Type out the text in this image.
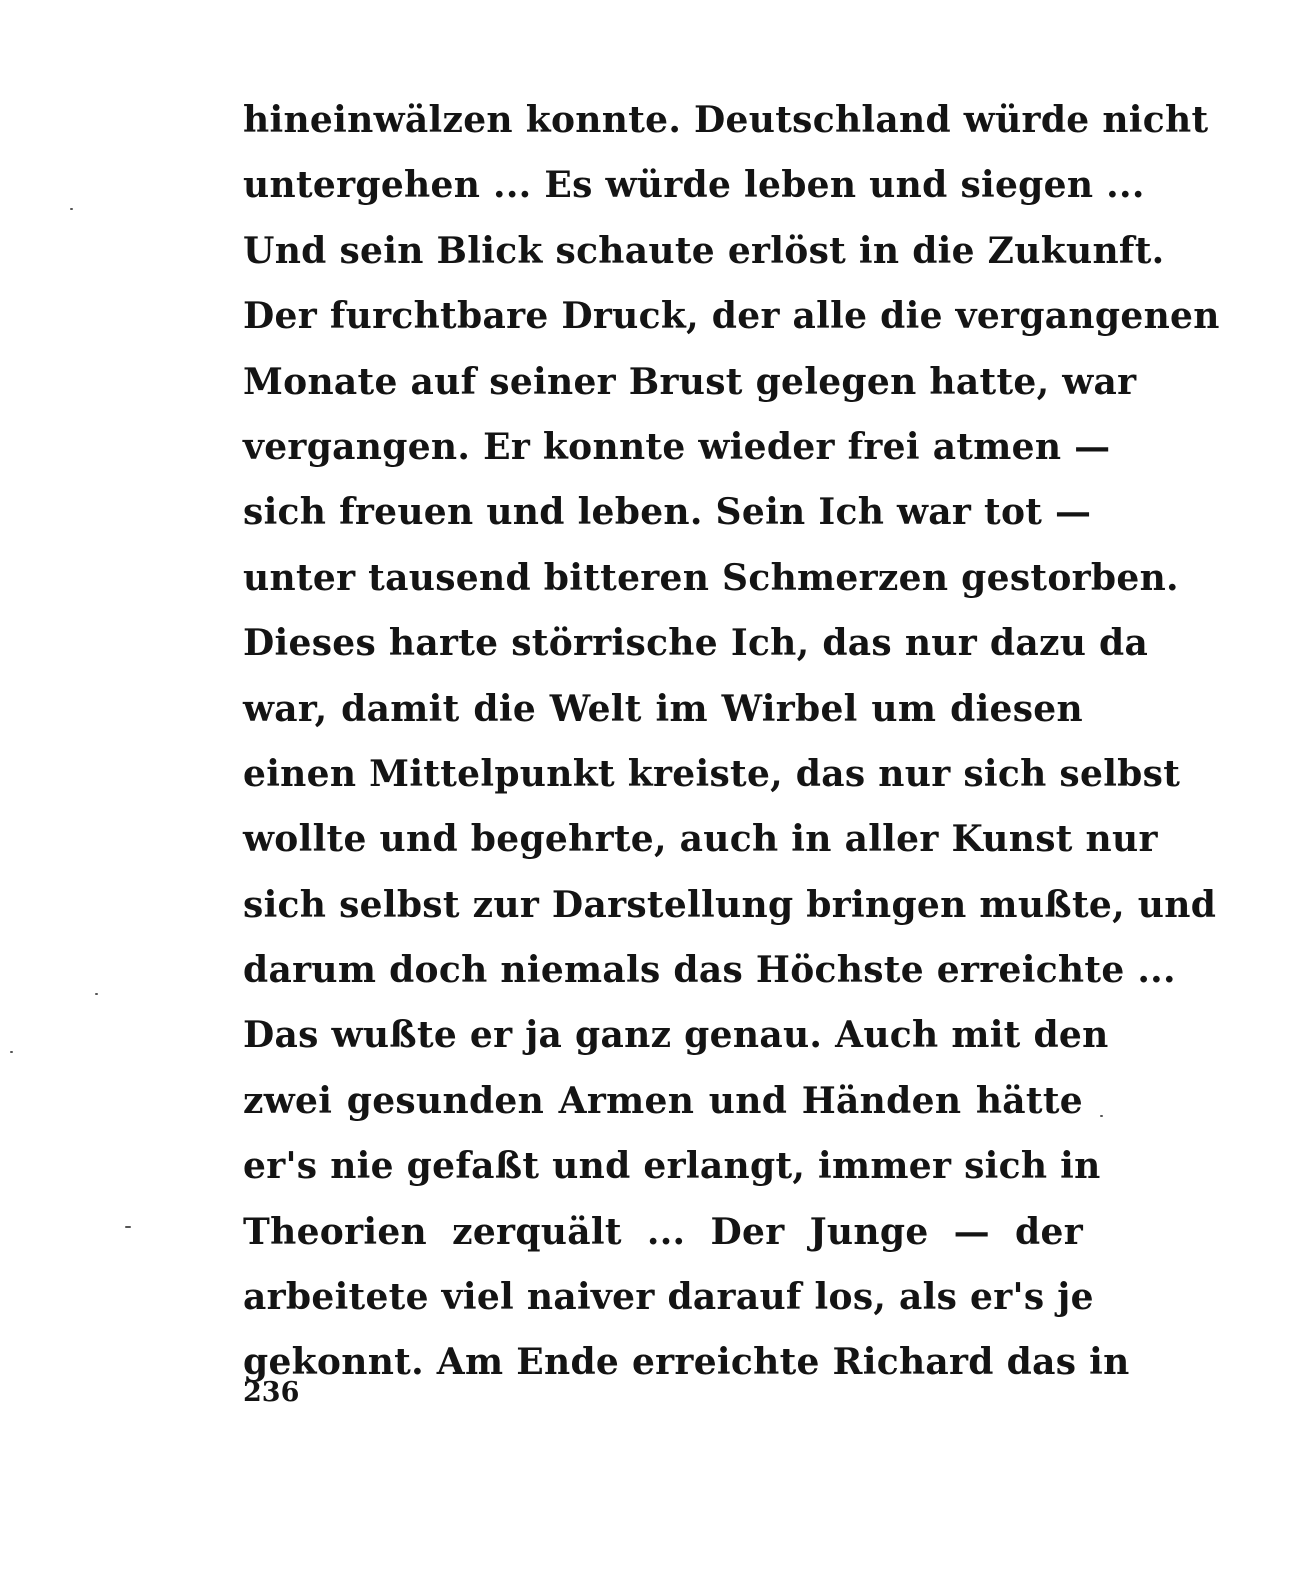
hineinwälzen konnte. Deutschland würde nicht
untergehen ... Es würde leben und siegen ...
Und sein Blick schaute erlöst in die Zukunft.
Der furchtbare Druck, der alle die vergangenen
Monate auf seiner Brust gelegen hatte, war
vergangen. Er konnte wieder frei atmen —
sich freuen und leben. Sein Ich war tot —
unter tausend bitteren Schmerzen gestorben.
Dieses harte störrische Ich, das nur dazu da
war, damit die Welt im Wirbel um diesen
einen Mittelpunkt kreiste, das nur sich selbst
wollte und begehrte, auch in aller Kunst nur
sich selbst zur Darstellung bringen mußte, und
darum doch niemals das Höchste erreichte ...
Das wußte er ja ganz genau. Auch mit den
zwei gesunden Armen und Händen hätte
er's nie gefaßt und erlangt, immer sich in
Theorien zerquält ... Der Junge — der
arbeitete viel naiver darauf los, als er's je
gekonnt. Am Ende erreichte Richard das in
236
